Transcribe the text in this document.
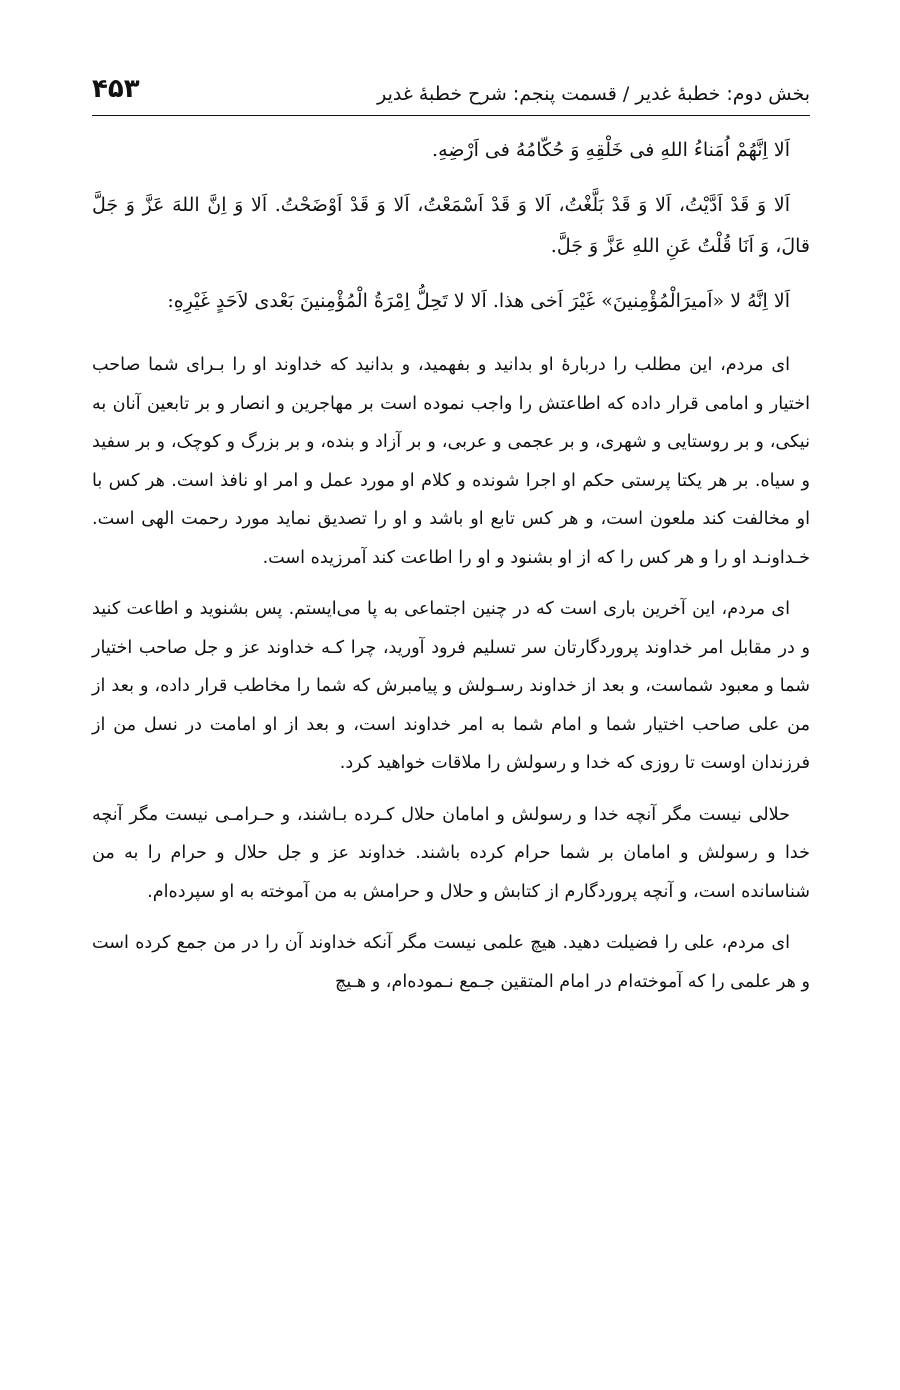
بخش دوم: خطبهٔ غدیر / قسمت پنجم: شرح خطبهٔ غدیر
۴۵۳

اَلا اِنَّهُمْ اُمَناءُ اللهِ فی خَلْقِهِ وَ حُکّامُهُ فی اَرْضِهِ.

اَلا وَ قَدْ اَدَّیْتُ، اَلا وَ قَدْ بَلَّغْتُ، اَلا وَ قَدْ اَسْمَعْتُ، اَلا وَ قَدْ اَوْضَحْتُ. اَلا وَ اِنَّ اللهَ عَزَّ وَ جَلَّ قالَ، وَ اَنَا قُلْتُ عَنِ اللهِ عَزَّ وَ جَلَّ.

اَلا اِنَّهُ لا «اَمیرَالْمُؤْمِنینَ» غَیْرَ اَخی هذا. اَلا لا تَحِلُّ اِمْرَةُ الْمُؤْمِنینَ بَعْدی لاَحَدٍ غَیْرِهِ:

ای مردم، این مطلب را دربارهٔ او بدانید و بفهمید، و بدانید که خداوند او را بـرای شما صاحب اختیار و امامی قرار داده که اطاعتش را واجب نموده است بر مهاجرین و انصار و بر تابعین آنان به نیکی، و بر روستایی و شهری، و بر عجمی و عربی، و بر آزاد و بنده، و بر بزرگ و کوچک، و بر سفید و سیاه. بر هر یکتا پرستی حکم او اجرا شونده و کلام او مورد عمل و امر او نافذ است. هر کس با او مخالفت کند ملعون است، و هر کس تابع او باشد و او را تصدیق نماید مورد رحمت الهی است. خـداونـد او را و هر کس را که از او بشنود و او را اطاعت کند آمرزیده است.

ای مردم، این آخرین باری است که در چنین اجتماعی به پا می‌ایستم. پس بشنوید و اطاعت کنید و در مقابل امر خداوند پروردگارتان سر تسلیم فرود آورید، چرا کـه خداوند عز و جل صاحب اختیار شما و معبود شماست، و بعد از خداوند رسـولش و پیامبرش که شما را مخاطب قرار داده، و بعد از من علی صاحب اختیار شما و امام شما به امر خداوند است، و بعد از او امامت در نسل من از فرزندان اوست تا روزی که خدا و رسولش را ملاقات خواهید کرد.

حلالی نیست مگر آنچه خدا و رسولش و امامان حلال کـرده بـاشند، و حـرامـی نیست مگر آنچه خدا و رسولش و امامان بر شما حرام کرده باشند. خداوند عز و جل حلال و حرام را به من شناسانده است، و آنچه پروردگارم از کتابش و حلال و حرامش به من آموخته به او سپرده‌ام.

ای مردم، علی را فضیلت دهید. هیچ علمی نیست مگر آنکه خداوند آن را در من جمع کرده است و هر علمی را که آموخته‌ام در امام المتقین جـمع نـموده‌ام، و هـیچ
